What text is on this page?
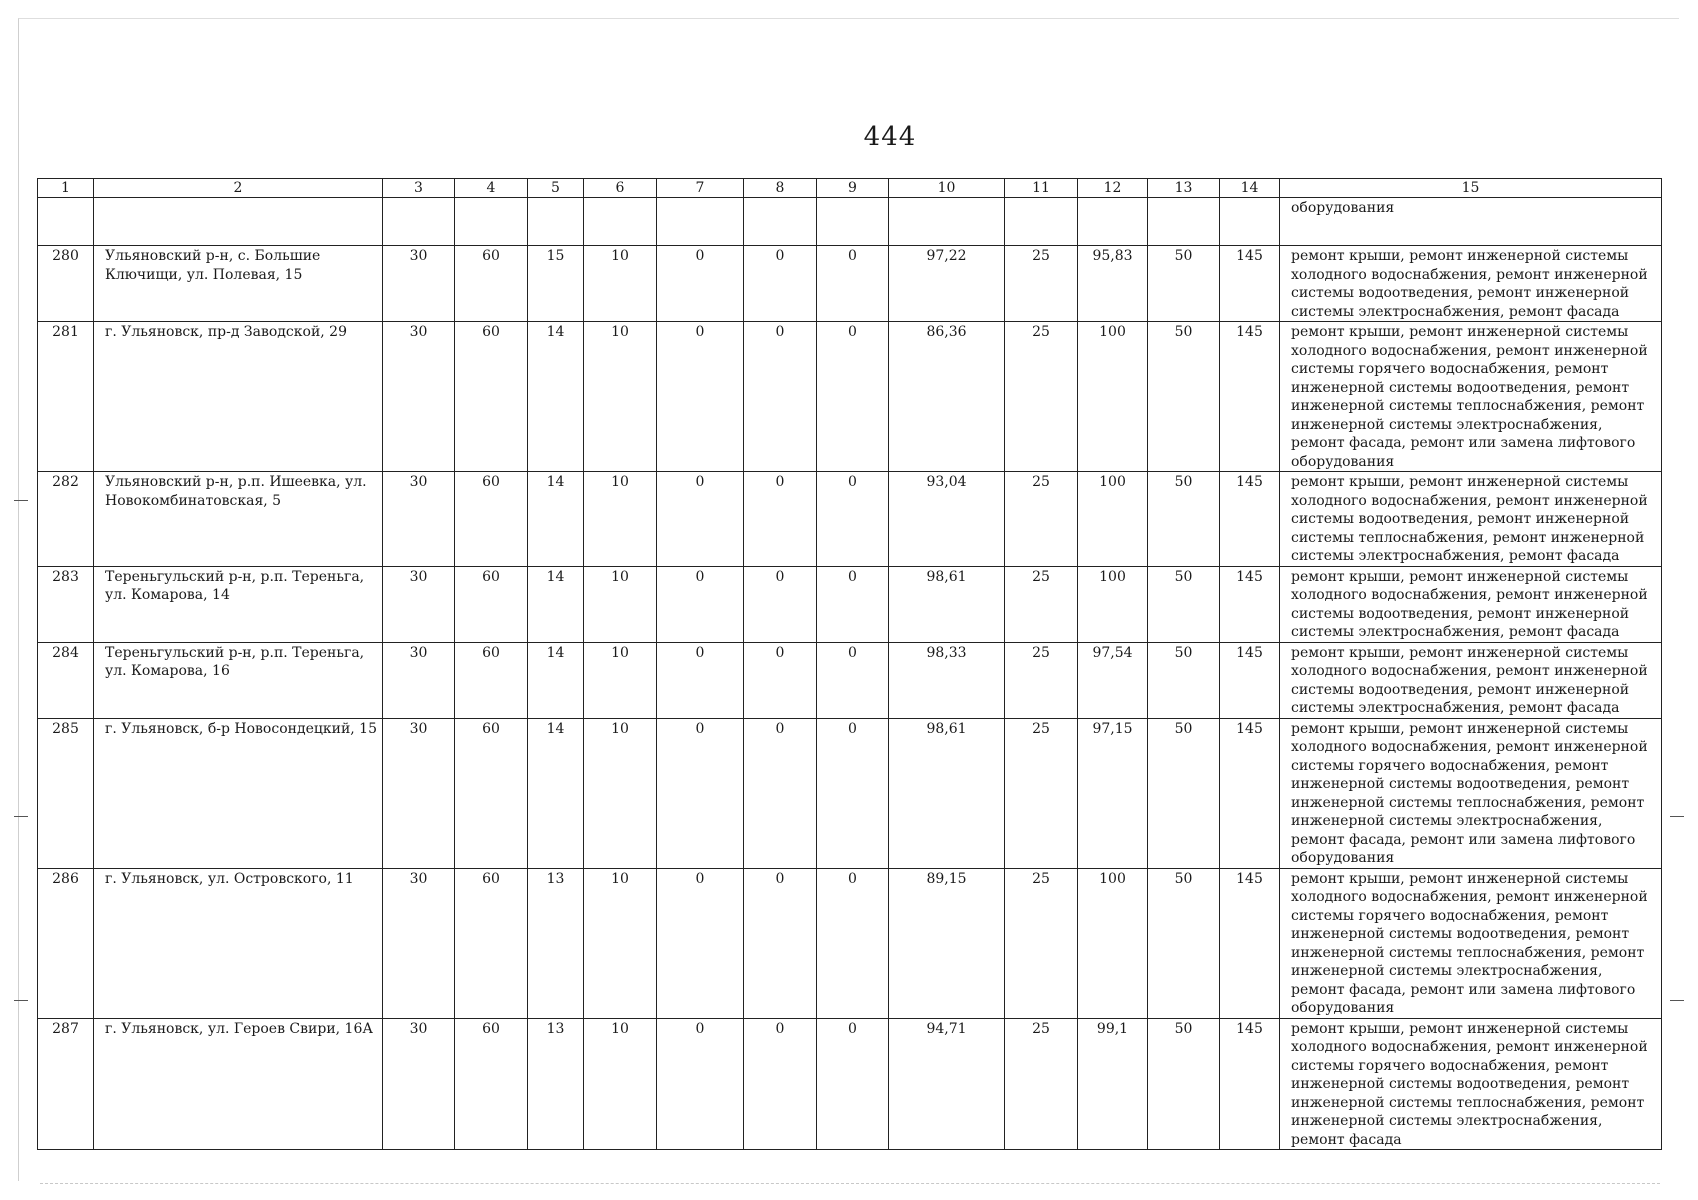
444
1	2	3	4	5	6	7	8	9	10	11	12	13	14	15
														оборудования
280	Ульяновский р-н, с. Большие Ключищи, ул. Полевая, 15	30	60	15	10	0	0	0	97,22	25	95,83	50	145	ремонт крыши, ремонт инженерной системы холодного водоснабжения, ремонт инженерной системы водоотведения, ремонт инженерной системы электроснабжения, ремонт фасада
281	г. Ульяновск, пр-д Заводской, 29	30	60	14	10	0	0	0	86,36	25	100	50	145	ремонт крыши, ремонт инженерной системы холодного водоснабжения, ремонт инженерной системы горячего водоснабжения, ремонт инженерной системы водоотведения, ремонт инженерной системы теплоснабжения, ремонт инженерной системы электроснабжения, ремонт фасада, ремонт или замена лифтового оборудования
282	Ульяновский р-н, р.п. Ишеевка, ул. Новокомбинатовская, 5	30	60	14	10	0	0	0	93,04	25	100	50	145	ремонт крыши, ремонт инженерной системы холодного водоснабжения, ремонт инженерной системы водоотведения, ремонт инженерной системы теплоснабжения, ремонт инженерной системы электроснабжения, ремонт фасада
283	Тереньгульский р-н, р.п. Тереньга, ул. Комарова, 14	30	60	14	10	0	0	0	98,61	25	100	50	145	ремонт крыши, ремонт инженерной системы холодного водоснабжения, ремонт инженерной системы водоотведения, ремонт инженерной системы электроснабжения, ремонт фасада
284	Тереньгульский р-н, р.п. Тереньга, ул. Комарова, 16	30	60	14	10	0	0	0	98,33	25	97,54	50	145	ремонт крыши, ремонт инженерной системы холодного водоснабжения, ремонт инженерной системы водоотведения, ремонт инженерной системы электроснабжения, ремонт фасада
285	г. Ульяновск, б-р Новосондецкий, 15	30	60	14	10	0	0	0	98,61	25	97,15	50	145	ремонт крыши, ремонт инженерной системы холодного водоснабжения, ремонт инженерной системы горячего водоснабжения, ремонт инженерной системы водоотведения, ремонт инженерной системы теплоснабжения, ремонт инженерной системы электроснабжения, ремонт фасада, ремонт или замена лифтового оборудования
286	г. Ульяновск, ул. Островского, 11	30	60	13	10	0	0	0	89,15	25	100	50	145	ремонт крыши, ремонт инженерной системы холодного водоснабжения, ремонт инженерной системы горячего водоснабжения, ремонт инженерной системы водоотведения, ремонт инженерной системы теплоснабжения, ремонт инженерной системы электроснабжения, ремонт фасада, ремонт или замена лифтового оборудования
287	г. Ульяновск, ул. Героев Свири, 16А	30	60	13	10	0	0	0	94,71	25	99,1	50	145	ремонт крыши, ремонт инженерной системы холодного водоснабжения, ремонт инженерной системы горячего водоснабжения, ремонт инженерной системы водоотведения, ремонт инженерной системы теплоснабжения, ремонт инженерной системы электроснабжения, ремонт фасада
